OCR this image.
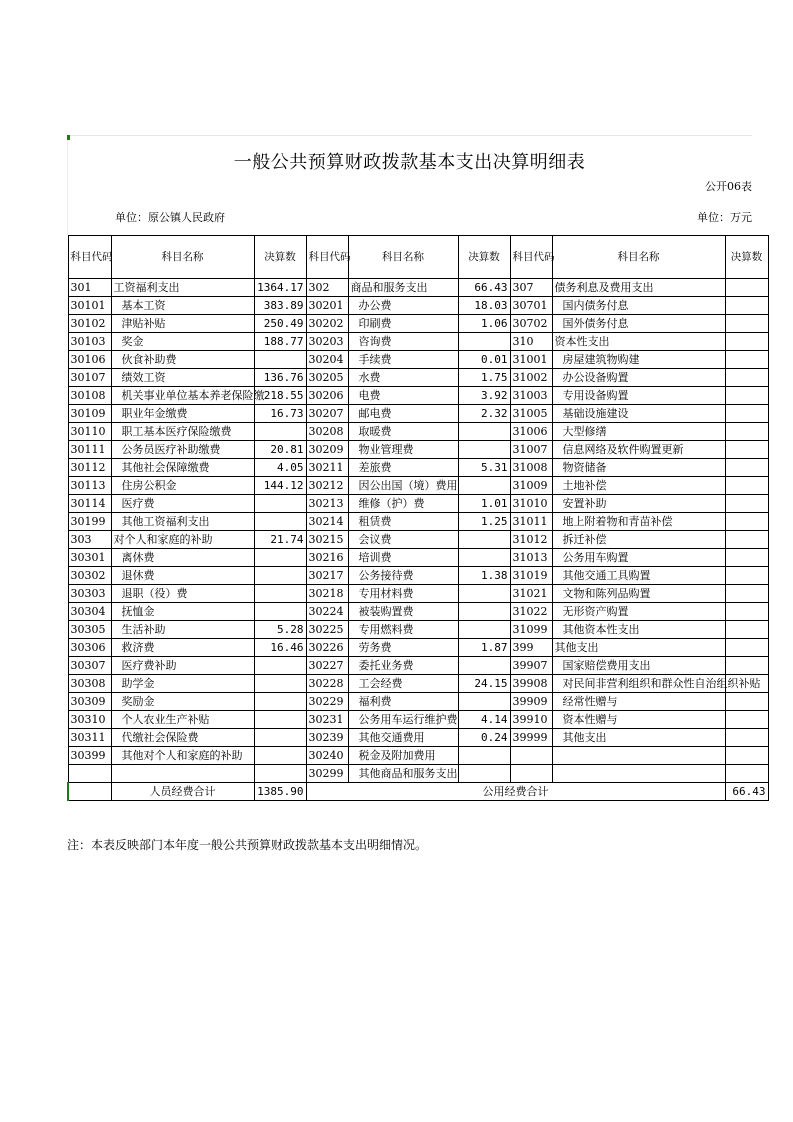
一般公共预算财政拨款基本支出决算明细表
公开06表
单位：原公镇人民政府	单位：万元
科目代码	科目名称	决算数	科目代码	科目名称	决算数	科目代码	科目名称	决算数
301	工资福利支出	1364.17	302	商品和服务支出	66.43	307	债务利息及费用支出	
30101	基本工资	383.89	30201	办公费	18.03	30701	国内债务付息	
30102	津贴补贴	250.49	30202	印刷费	1.06	30702	国外债务付息	
30103	奖金	188.77	30203	咨询费		310	资本性支出	
30106	伙食补助费		30204	手续费	0.01	31001	房屋建筑物购建	
30107	绩效工资	136.76	30205	水费	1.75	31002	办公设备购置	
30108	机关事业单位基本养老保险缴	218.55	30206	电费	3.92	31003	专用设备购置	
30109	职业年金缴费	16.73	30207	邮电费	2.32	31005	基础设施建设	
30110	职工基本医疗保险缴费		30208	取暖费		31006	大型修缮	
30111	公务员医疗补助缴费	20.81	30209	物业管理费		31007	信息网络及软件购置更新	
30112	其他社会保障缴费	4.05	30211	差旅费	5.31	31008	物资储备	
30113	住房公积金	144.12	30212	因公出国（境）费用		31009	土地补偿	
30114	医疗费		30213	维修（护）费	1.01	31010	安置补助	
30199	其他工资福利支出		30214	租赁费	1.25	31011	地上附着物和青苗补偿	
303	对个人和家庭的补助	21.74	30215	会议费		31012	拆迁补偿	
30301	离休费		30216	培训费		31013	公务用车购置	
30302	退休费		30217	公务接待费	1.38	31019	其他交通工具购置	
30303	退职（役）费		30218	专用材料费		31021	文物和陈列品购置	
30304	抚恤金		30224	被装购置费		31022	无形资产购置	
30305	生活补助	5.28	30225	专用燃料费		31099	其他资本性支出	
30306	救济费	16.46	30226	劳务费	1.87	399	其他支出	
30307	医疗费补助		30227	委托业务费		39907	国家赔偿费用支出	
30308	助学金		30228	工会经费	24.15	39908	对民间非营利组织和群众性自治组织补贴	
30309	奖励金		30229	福利费		39909	经常性赠与	
30310	个人农业生产补贴		30231	公务用车运行维护费	4.14	39910	资本性赠与	
30311	代缴社会保险费		30239	其他交通费用	0.24	39999	其他支出	
30399	其他对个人和家庭的补助		30240	税金及附加费用				
			30299	其他商品和服务支出				
	人员经费合计	1385.90	公用经费合计					66.43
注：本表反映部门本年度一般公共预算财政拨款基本支出明细情况。
